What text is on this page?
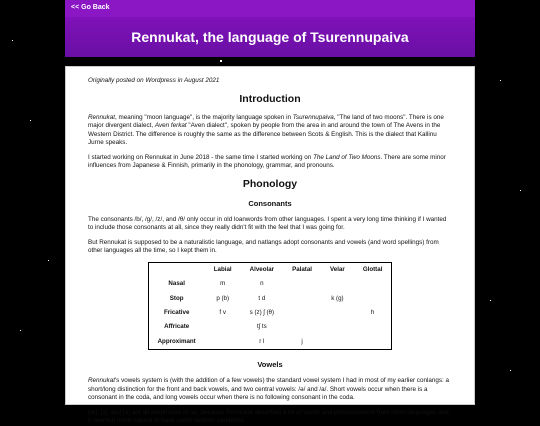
<< Go Back
Rennukat, the language of Tsurennupaiva

Originally posted on Wordpress in August 2021

Introduction

Rennukat, meaning "moon language", is the majority language spoken in Tsurennupaiva, "The land of two moons". There is one major divergent dialect, Aven ferkat "Aven dialect", spoken by people from the area in and around the town of The Avens in the Western District. The difference is roughly the same as the difference between Scots & English. This is the dialect that Kallinu Jurne speaks.

I started working on Rennukat in June 2018 - the same time I started working on The Land of Two Moons. There are some minor influences from Japanese & Finnish, primarily in the phonology, grammar, and pronouns.

Phonology
Consonants

The consonants /b/, /g/, /z/, and /θ/ only occur in old loanwords from other languages. I spent a very long time thinking if I wanted to include those consonants at all, since they really didn't fit with the feel that I was going for.

But Rennukat is supposed to be a naturalistic language, and natlangs adopt consonants and vowels (and word spellings) from other languages all the time, so I kept them in.

	Labial	Alveolar	Palatal	Velar	Glottal
Nasal	m	n			
Stop	p (b)	t d		k (g)	
Fricative	f v	s (z) ʃ (θ)			h
Affricate		tʃ ts			
Approximant		r l	j		
Vowels

Rennukat's vowels system is (with the addition of a few vowels) the standard vowel system I had in most of my earlier conlangs: a short/long distinction for the front and back vowels, and two central vowels: /ə/ and /a/. Short vowels occur when there is a consonant in the coda, and long vowels occur when there is no following consonant in the coda.

[æ], [ɔ], and [ə] are all allophones of /a/, because Rennukat absorbed a lot of words and pronunciations from other languages and it seemed more natural to have some random variations.
